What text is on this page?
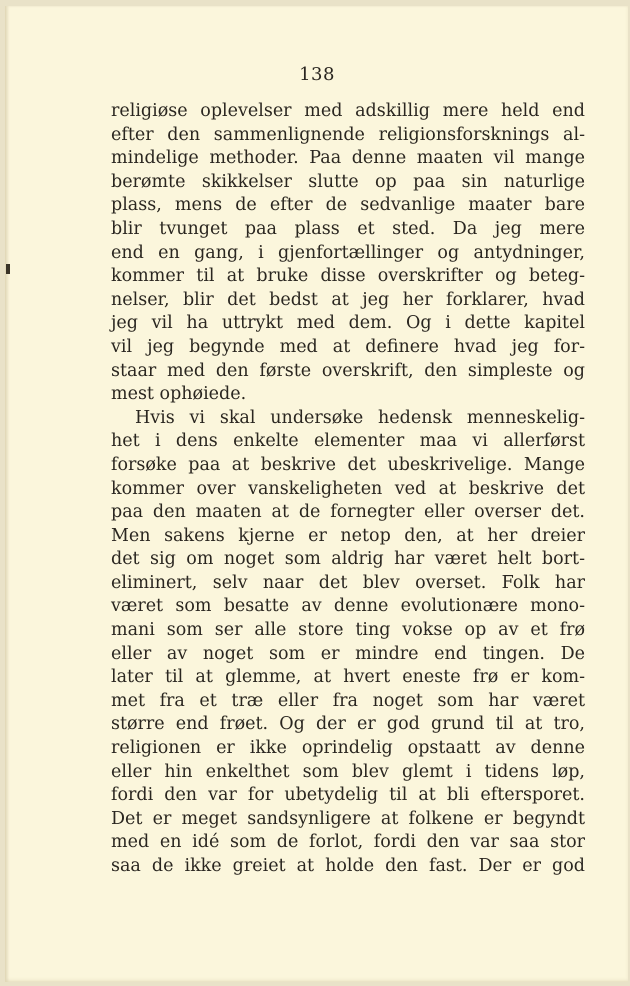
138
religiøse oplevelser med adskillig mere held end
efter den sammenlignende religionsforsknings al-
mindelige methoder. Paa denne maaten vil mange
berømte skikkelser slutte op paa sin naturlige
plass, mens de efter de sedvanlige maater bare
blir tvunget paa plass et sted. Da jeg mere
end en gang, i gjenfortællinger og antydninger,
kommer til at bruke disse overskrifter og beteg-
nelser, blir det bedst at jeg her forklarer, hvad
jeg vil ha uttrykt med dem. Og i dette kapitel
vil jeg begynde med at definere hvad jeg for-
staar med den første overskrift, den simpleste og
mest ophøiede.
Hvis vi skal undersøke hedensk menneskelig-
het i dens enkelte elementer maa vi allerførst
forsøke paa at beskrive det ubeskrivelige. Mange
kommer over vanskeligheten ved at beskrive det
paa den maaten at de fornegter eller overser det.
Men sakens kjerne er netop den, at her dreier
det sig om noget som aldrig har været helt bort-
eliminert, selv naar det blev overset. Folk har
været som besatte av denne evolutionære mono-
mani som ser alle store ting vokse op av et frø
eller av noget som er mindre end tingen. De
later til at glemme, at hvert eneste frø er kom-
met fra et træ eller fra noget som har været
større end frøet. Og der er god grund til at tro,
religionen er ikke oprindelig opstaatt av denne
eller hin enkelthet som blev glemt i tidens løp,
fordi den var for ubetydelig til at bli eftersporet.
Det er meget sandsynligere at folkene er begyndt
med en idé som de forlot, fordi den var saa stor
saa de ikke greiet at holde den fast. Der er god
